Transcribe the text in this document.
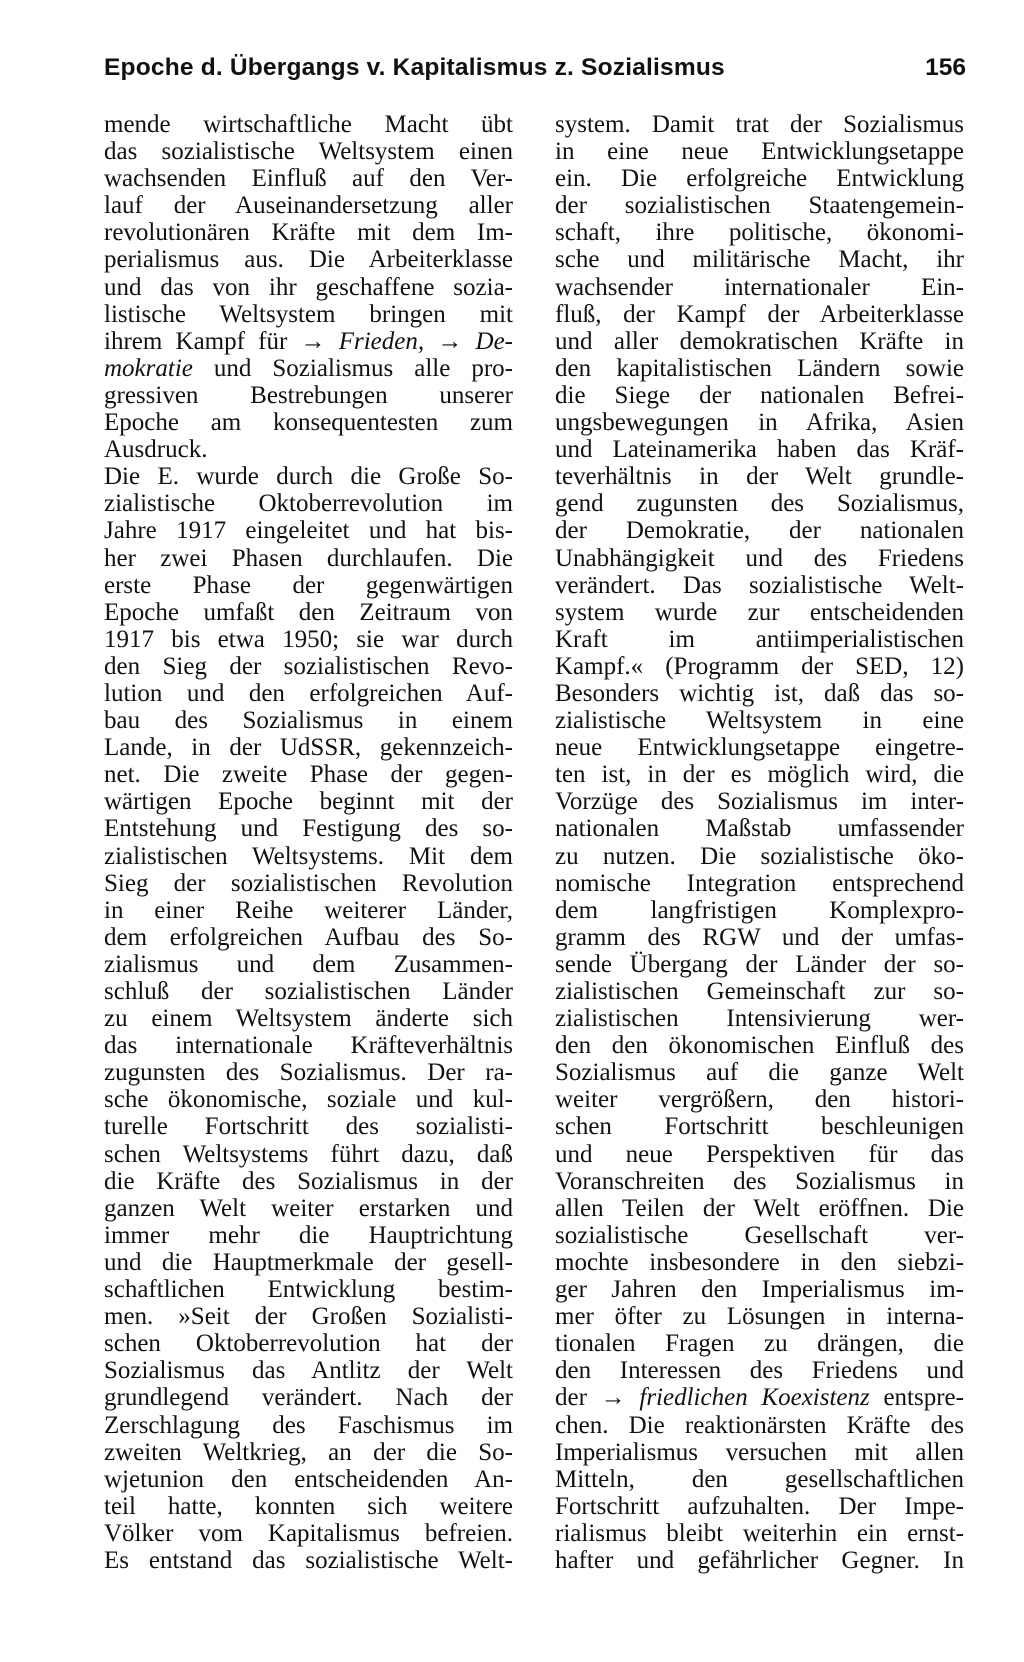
Epoche d. Übergangs v. Kapitalismus z. Sozialismus	156
mende wirtschaftliche Macht übt
das sozialistische Weltsystem einen
wachsenden Einfluß auf den Ver-
lauf der Auseinandersetzung aller
revolutionären Kräfte mit dem Im-
perialismus aus. Die Arbeiterklasse
und das von ihr geschaffene sozia-
listische Weltsystem bringen mit
ihrem Kampf für → Frieden, → De-
mokratie und Sozialismus alle pro-
gressiven Bestrebungen unserer
Epoche am konsequentesten zum
Ausdruck.
Die E. wurde durch die Große So-
zialistische Oktoberrevolution im
Jahre 1917 eingeleitet und hat bis-
her zwei Phasen durchlaufen. Die
erste Phase der gegenwärtigen
Epoche umfaßt den Zeitraum von
1917 bis etwa 1950; sie war durch
den Sieg der sozialistischen Revo-
lution und den erfolgreichen Auf-
bau des Sozialismus in einem
Lande, in der UdSSR, gekennzeich-
net. Die zweite Phase der gegen-
wärtigen Epoche beginnt mit der
Entstehung und Festigung des so-
zialistischen Weltsystems. Mit dem
Sieg der sozialistischen Revolution
in einer Reihe weiterer Länder,
dem erfolgreichen Aufbau des So-
zialismus und dem Zusammen-
schluß der sozialistischen Länder
zu einem Weltsystem änderte sich
das internationale Kräfteverhältnis
zugunsten des Sozialismus. Der ra-
sche ökonomische, soziale und kul-
turelle Fortschritt des sozialisti-
schen Weltsystems führt dazu, daß
die Kräfte des Sozialismus in der
ganzen Welt weiter erstarken und
immer mehr die Hauptrichtung
und die Hauptmerkmale der gesell-
schaftlichen Entwicklung bestim-
men. »Seit der Großen Sozialisti-
schen Oktoberrevolution hat der
Sozialismus das Antlitz der Welt
grundlegend verändert. Nach der
Zerschlagung des Faschismus im
zweiten Weltkrieg, an der die So-
wjetunion den entscheidenden An-
teil hatte, konnten sich weitere
Völker vom Kapitalismus befreien.
Es entstand das sozialistische Welt-
system. Damit trat der Sozialismus
in eine neue Entwicklungsetappe
ein. Die erfolgreiche Entwicklung
der sozialistischen Staatengemein-
schaft, ihre politische, ökonomi-
sche und militärische Macht, ihr
wachsender internationaler Ein-
fluß, der Kampf der Arbeiterklasse
und aller demokratischen Kräfte in
den kapitalistischen Ländern sowie
die Siege der nationalen Befrei-
ungsbewegungen in Afrika, Asien
und Lateinamerika haben das Kräf-
teverhältnis in der Welt grundle-
gend zugunsten des Sozialismus,
der Demokratie, der nationalen
Unabhängigkeit und des Friedens
verändert. Das sozialistische Welt-
system wurde zur entscheidenden
Kraft im antiimperialistischen
Kampf.« (Programm der SED, 12)
Besonders wichtig ist, daß das so-
zialistische Weltsystem in eine
neue Entwicklungsetappe eingetre-
ten ist, in der es möglich wird, die
Vorzüge des Sozialismus im inter-
nationalen Maßstab umfassender
zu nutzen. Die sozialistische öko-
nomische Integration entsprechend
dem langfristigen Komplexpro-
gramm des RGW und der umfas-
sende Übergang der Länder der so-
zialistischen Gemeinschaft zur so-
zialistischen Intensivierung wer-
den den ökonomischen Einfluß des
Sozialismus auf die ganze Welt
weiter vergrößern, den histori-
schen Fortschritt beschleunigen
und neue Perspektiven für das
Voranschreiten des Sozialismus in
allen Teilen der Welt eröffnen. Die
sozialistische Gesellschaft ver-
mochte insbesondere in den siebzi-
ger Jahren den Imperialismus im-
mer öfter zu Lösungen in interna-
tionalen Fragen zu drängen, die
den Interessen des Friedens und
der → friedlichen Koexistenz entspre-
chen. Die reaktionärsten Kräfte des
Imperialismus versuchen mit allen
Mitteln, den gesellschaftlichen
Fortschritt aufzuhalten. Der Impe-
rialismus bleibt weiterhin ein ernst-
hafter und gefährlicher Gegner. In
